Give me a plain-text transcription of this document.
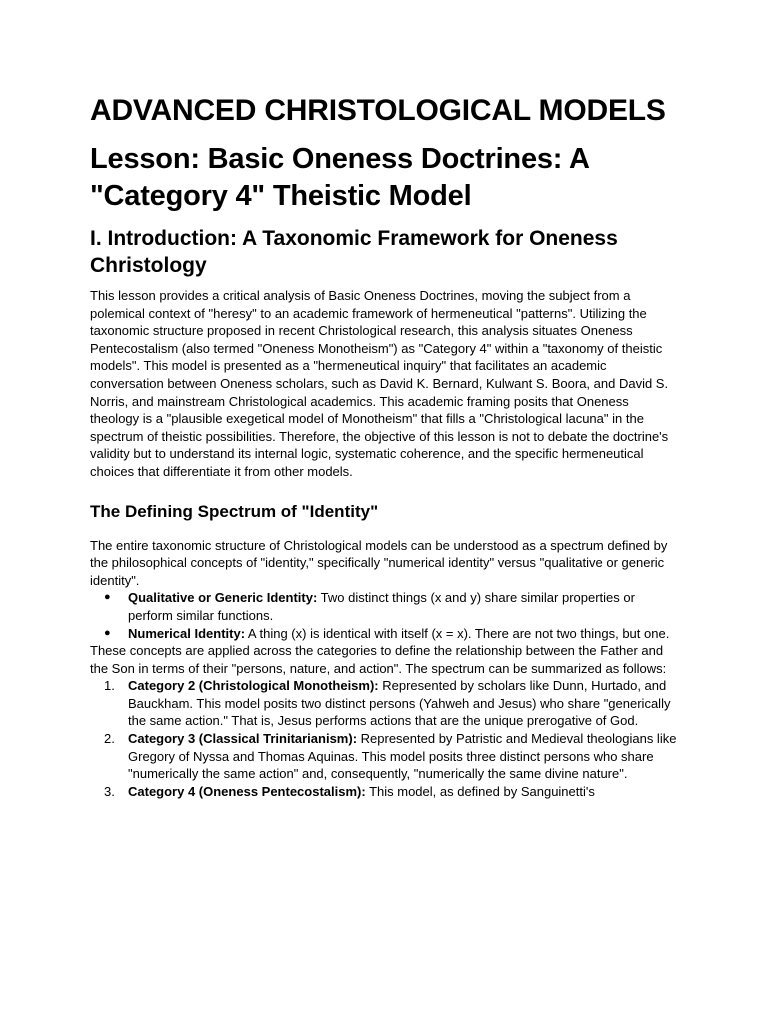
ADVANCED CHRISTOLOGICAL MODELS
Lesson: Basic Oneness Doctrines: A "Category 4" Theistic Model
I. Introduction: A Taxonomic Framework for Oneness Christology

This lesson provides a critical analysis of Basic Oneness Doctrines, moving the subject from a polemical context of "heresy" to an academic framework of hermeneutical "patterns". Utilizing the taxonomic structure proposed in recent Christological research, this analysis situates Oneness Pentecostalism (also termed "Oneness Monotheism") as "Category 4" within a "taxonomy of theistic models". This model is presented as a "hermeneutical inquiry" that facilitates an academic conversation between Oneness scholars, such as David K. Bernard, Kulwant S. Boora, and David S. Norris, and mainstream Christological academics. This academic framing posits that Oneness theology is a "plausible exegetical model of Monotheism" that fills a "Christological lacuna" in the spectrum of theistic possibilities. Therefore, the objective of this lesson is not to debate the doctrine's validity but to understand its internal logic, systematic coherence, and the specific hermeneutical choices that differentiate it from other models.

The Defining Spectrum of "Identity"

The entire taxonomic structure of Christological models can be understood as a spectrum defined by the philosophical concepts of "identity," specifically "numerical identity" versus "qualitative or generic identity".

● Qualitative or Generic Identity: Two distinct things (x and y) share similar properties or perform similar functions.
● Numerical Identity: A thing (x) is identical with itself (x = x). There are not two things, but one.

These concepts are applied across the categories to define the relationship between the Father and the Son in terms of their "persons, nature, and action". The spectrum can be summarized as follows:

1. Category 2 (Christological Monotheism): Represented by scholars like Dunn, Hurtado, and Bauckham. This model posits two distinct persons (Yahweh and Jesus) who share "generically the same action." That is, Jesus performs actions that are the unique prerogative of God.
2. Category 3 (Classical Trinitarianism): Represented by Patristic and Medieval theologians like Gregory of Nyssa and Thomas Aquinas. This model posits three distinct persons who share "numerically the same action" and, consequently, "numerically the same divine nature".
3. Category 4 (Oneness Pentecostalism): This model, as defined by Sanguinetti's
